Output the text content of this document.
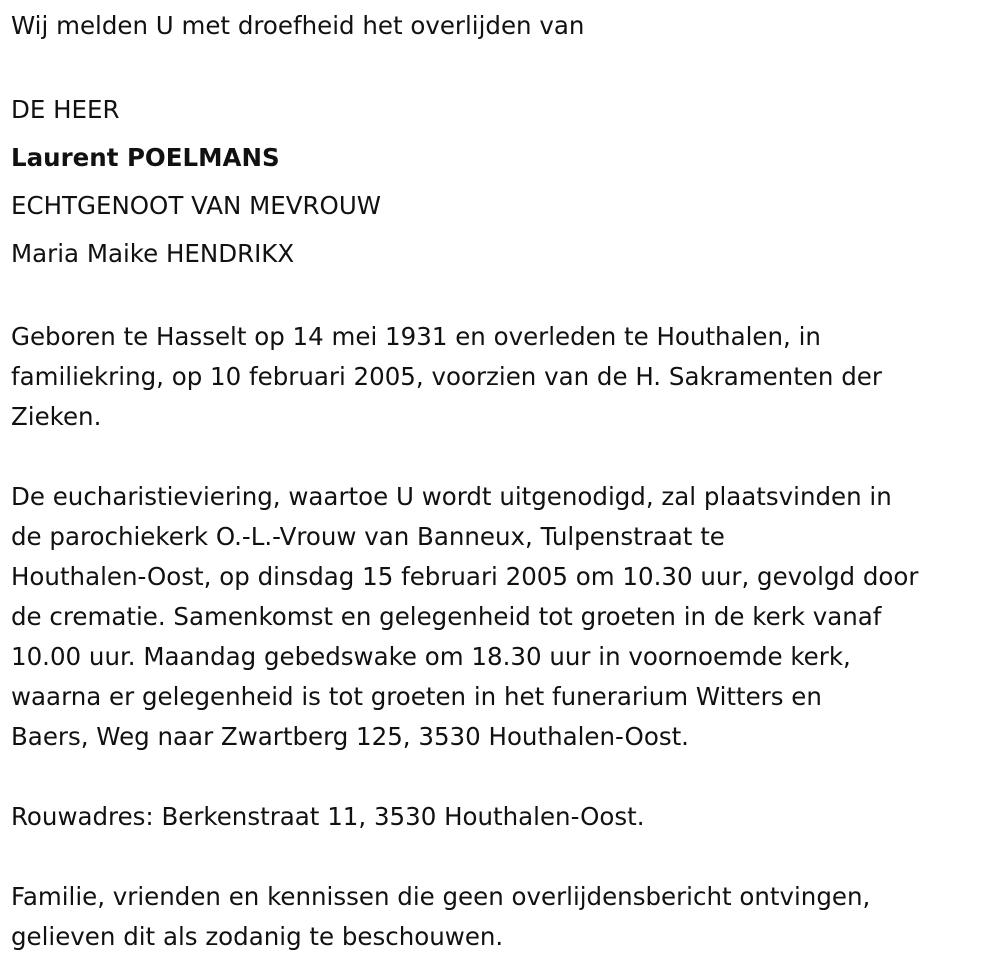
Wij melden U met droefheid het overlijden van

DE HEER

Laurent POELMANS

ECHTGENOOT VAN MEVROUW

Maria Maike HENDRIKX

Geboren te Hasselt op 14 mei 1931 en overleden te Houthalen, in
familiekring, op 10 februari 2005, voorzien van de H. Sakramenten der
Zieken.

De eucharistieviering, waartoe U wordt uitgenodigd, zal plaatsvinden in
de parochiekerk O.-L.-Vrouw van Banneux, Tulpenstraat te
Houthalen-Oost, op dinsdag 15 februari 2005 om 10.30 uur, gevolgd door
de crematie. Samenkomst en gelegenheid tot groeten in de kerk vanaf
10.00 uur. Maandag gebedswake om 18.30 uur in voornoemde kerk,
waarna er gelegenheid is tot groeten in het funerarium Witters en
Baers, Weg naar Zwartberg 125, 3530 Houthalen-Oost.

Rouwadres: Berkenstraat 11, 3530 Houthalen-Oost.

Familie, vrienden en kennissen die geen overlijdensbericht ontvingen,
gelieven dit als zodanig te beschouwen.
